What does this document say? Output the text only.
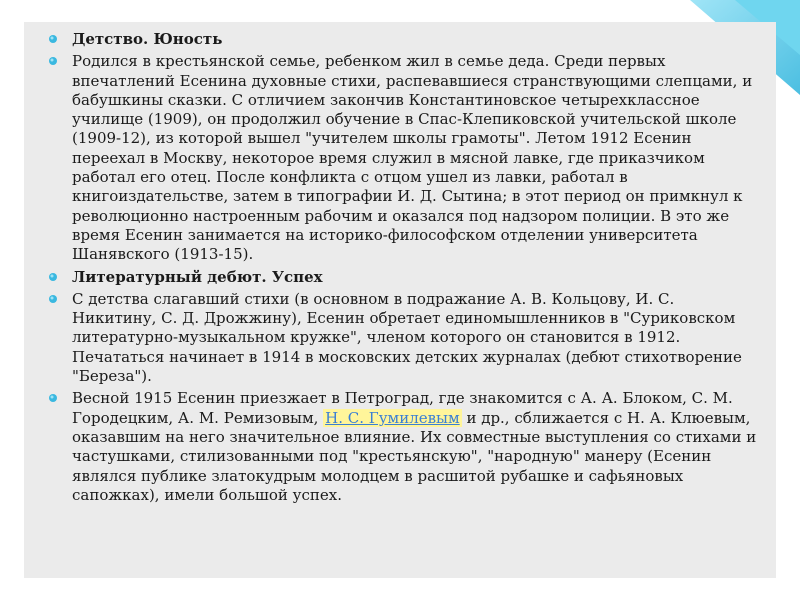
Детство. Юность
Родился в крестьянской семье, ребенком жил в семье деда. Среди первых впечатлений Есенина духовные стихи, распевавшиеся странствующими слепцами, и бабушкины сказки. С отличием закончив Константиновское четырехклассное училище (1909), он продолжил обучение в Спас-Клепиковской учительской школе (1909-12), из которой вышел "учителем школы грамоты". Летом 1912 Есенин переехал в Москву, некоторое время служил в мясной лавке, где приказчиком работал его отец. После конфликта с отцом ушел из лавки, работал в книгоиздательстве, затем в типографии И. Д. Сытина; в этот период он примкнул к революционно настроенным рабочим и оказался под надзором полиции. В это же время Есенин занимается на историко-философском отделении университета Шанявского (1913-15).
Литературный дебют. Успех
С детства слагавший стихи (в основном в подражание А. В. Кольцову, И. С. Никитину, С. Д. Дрожжину), Есенин обретает единомышленников в "Суриковском литературно-музыкальном кружке", членом которого он становится в 1912. Печататься начинает в 1914 в московских детских журналах (дебют стихотворение "Береза").
Весной 1915 Есенин приезжает в Петроград, где знакомится с А. А. Блоком, С. М. Городецким, А. М. Ремизовым, Н. С. Гумилевым и др., сближается с Н. А. Клюевым, оказавшим на него значительное влияние. Их совместные выступления со стихами и частушками, стилизованными под "крестьянскую", "народную" манеру (Есенин являлся публике златокудрым молодцем в расшитой рубашке и сафьяновых сапожках), имели большой успех.
